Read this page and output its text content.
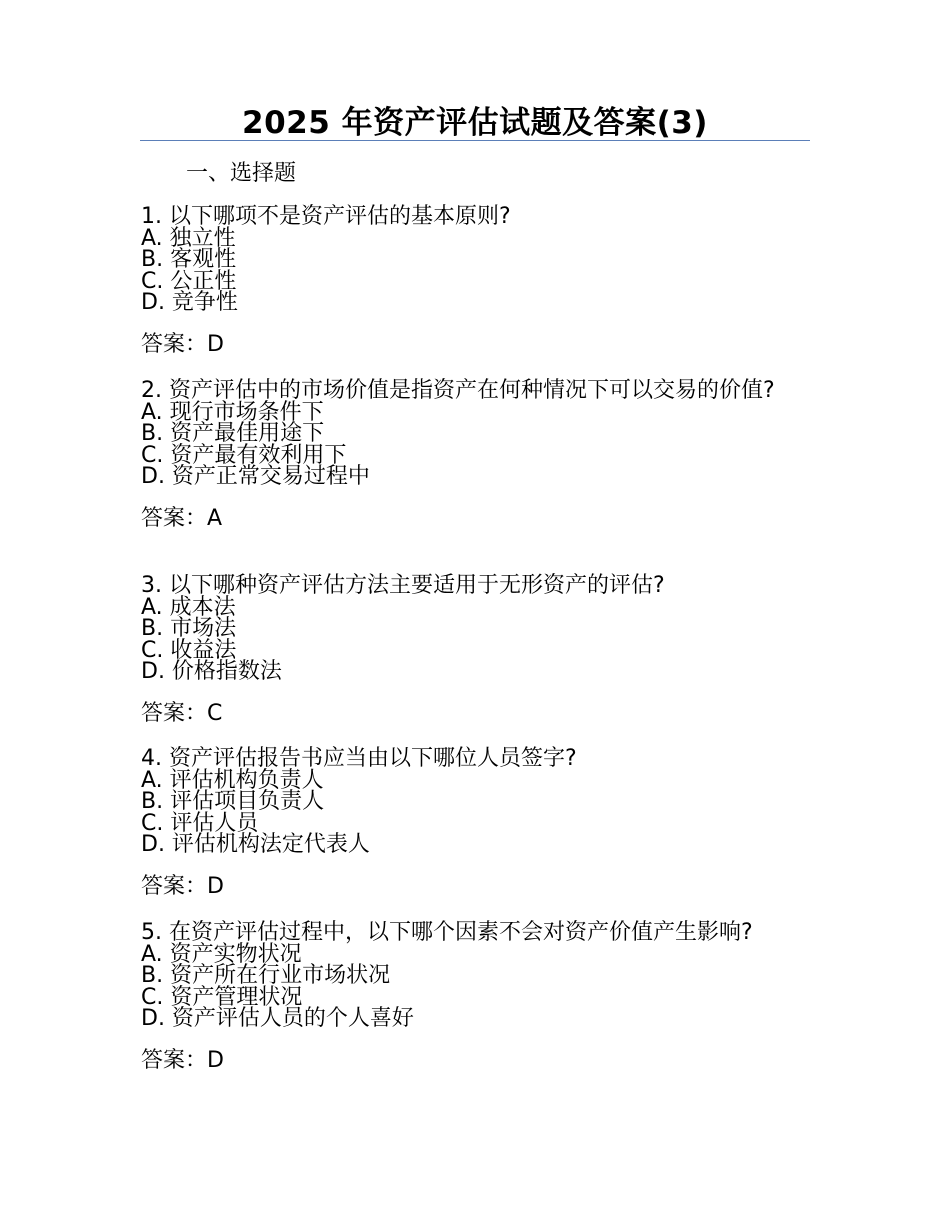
2025 年资产评估试题及答案(3)
一、选择题
1. 以下哪项不是资产评估的基本原则?
A. 独立性
B. 客观性
C. 公正性
D. 竞争性
答案：D
2. 资产评估中的市场价值是指资产在何种情况下可以交易的价值?
A. 现行市场条件下
B. 资产最佳用途下
C. 资产最有效利用下
D. 资产正常交易过程中
答案：A
3. 以下哪种资产评估方法主要适用于无形资产的评估?
A. 成本法
B. 市场法
C. 收益法
D. 价格指数法
答案：C
4. 资产评估报告书应当由以下哪位人员签字?
A. 评估机构负责人
B. 评估项目负责人
C. 评估人员
D. 评估机构法定代表人
答案：D
5. 在资产评估过程中，以下哪个因素不会对资产价值产生影响?
A. 资产实物状况
B. 资产所在行业市场状况
C. 资产管理状况
D. 资产评估人员的个人喜好
答案：D
